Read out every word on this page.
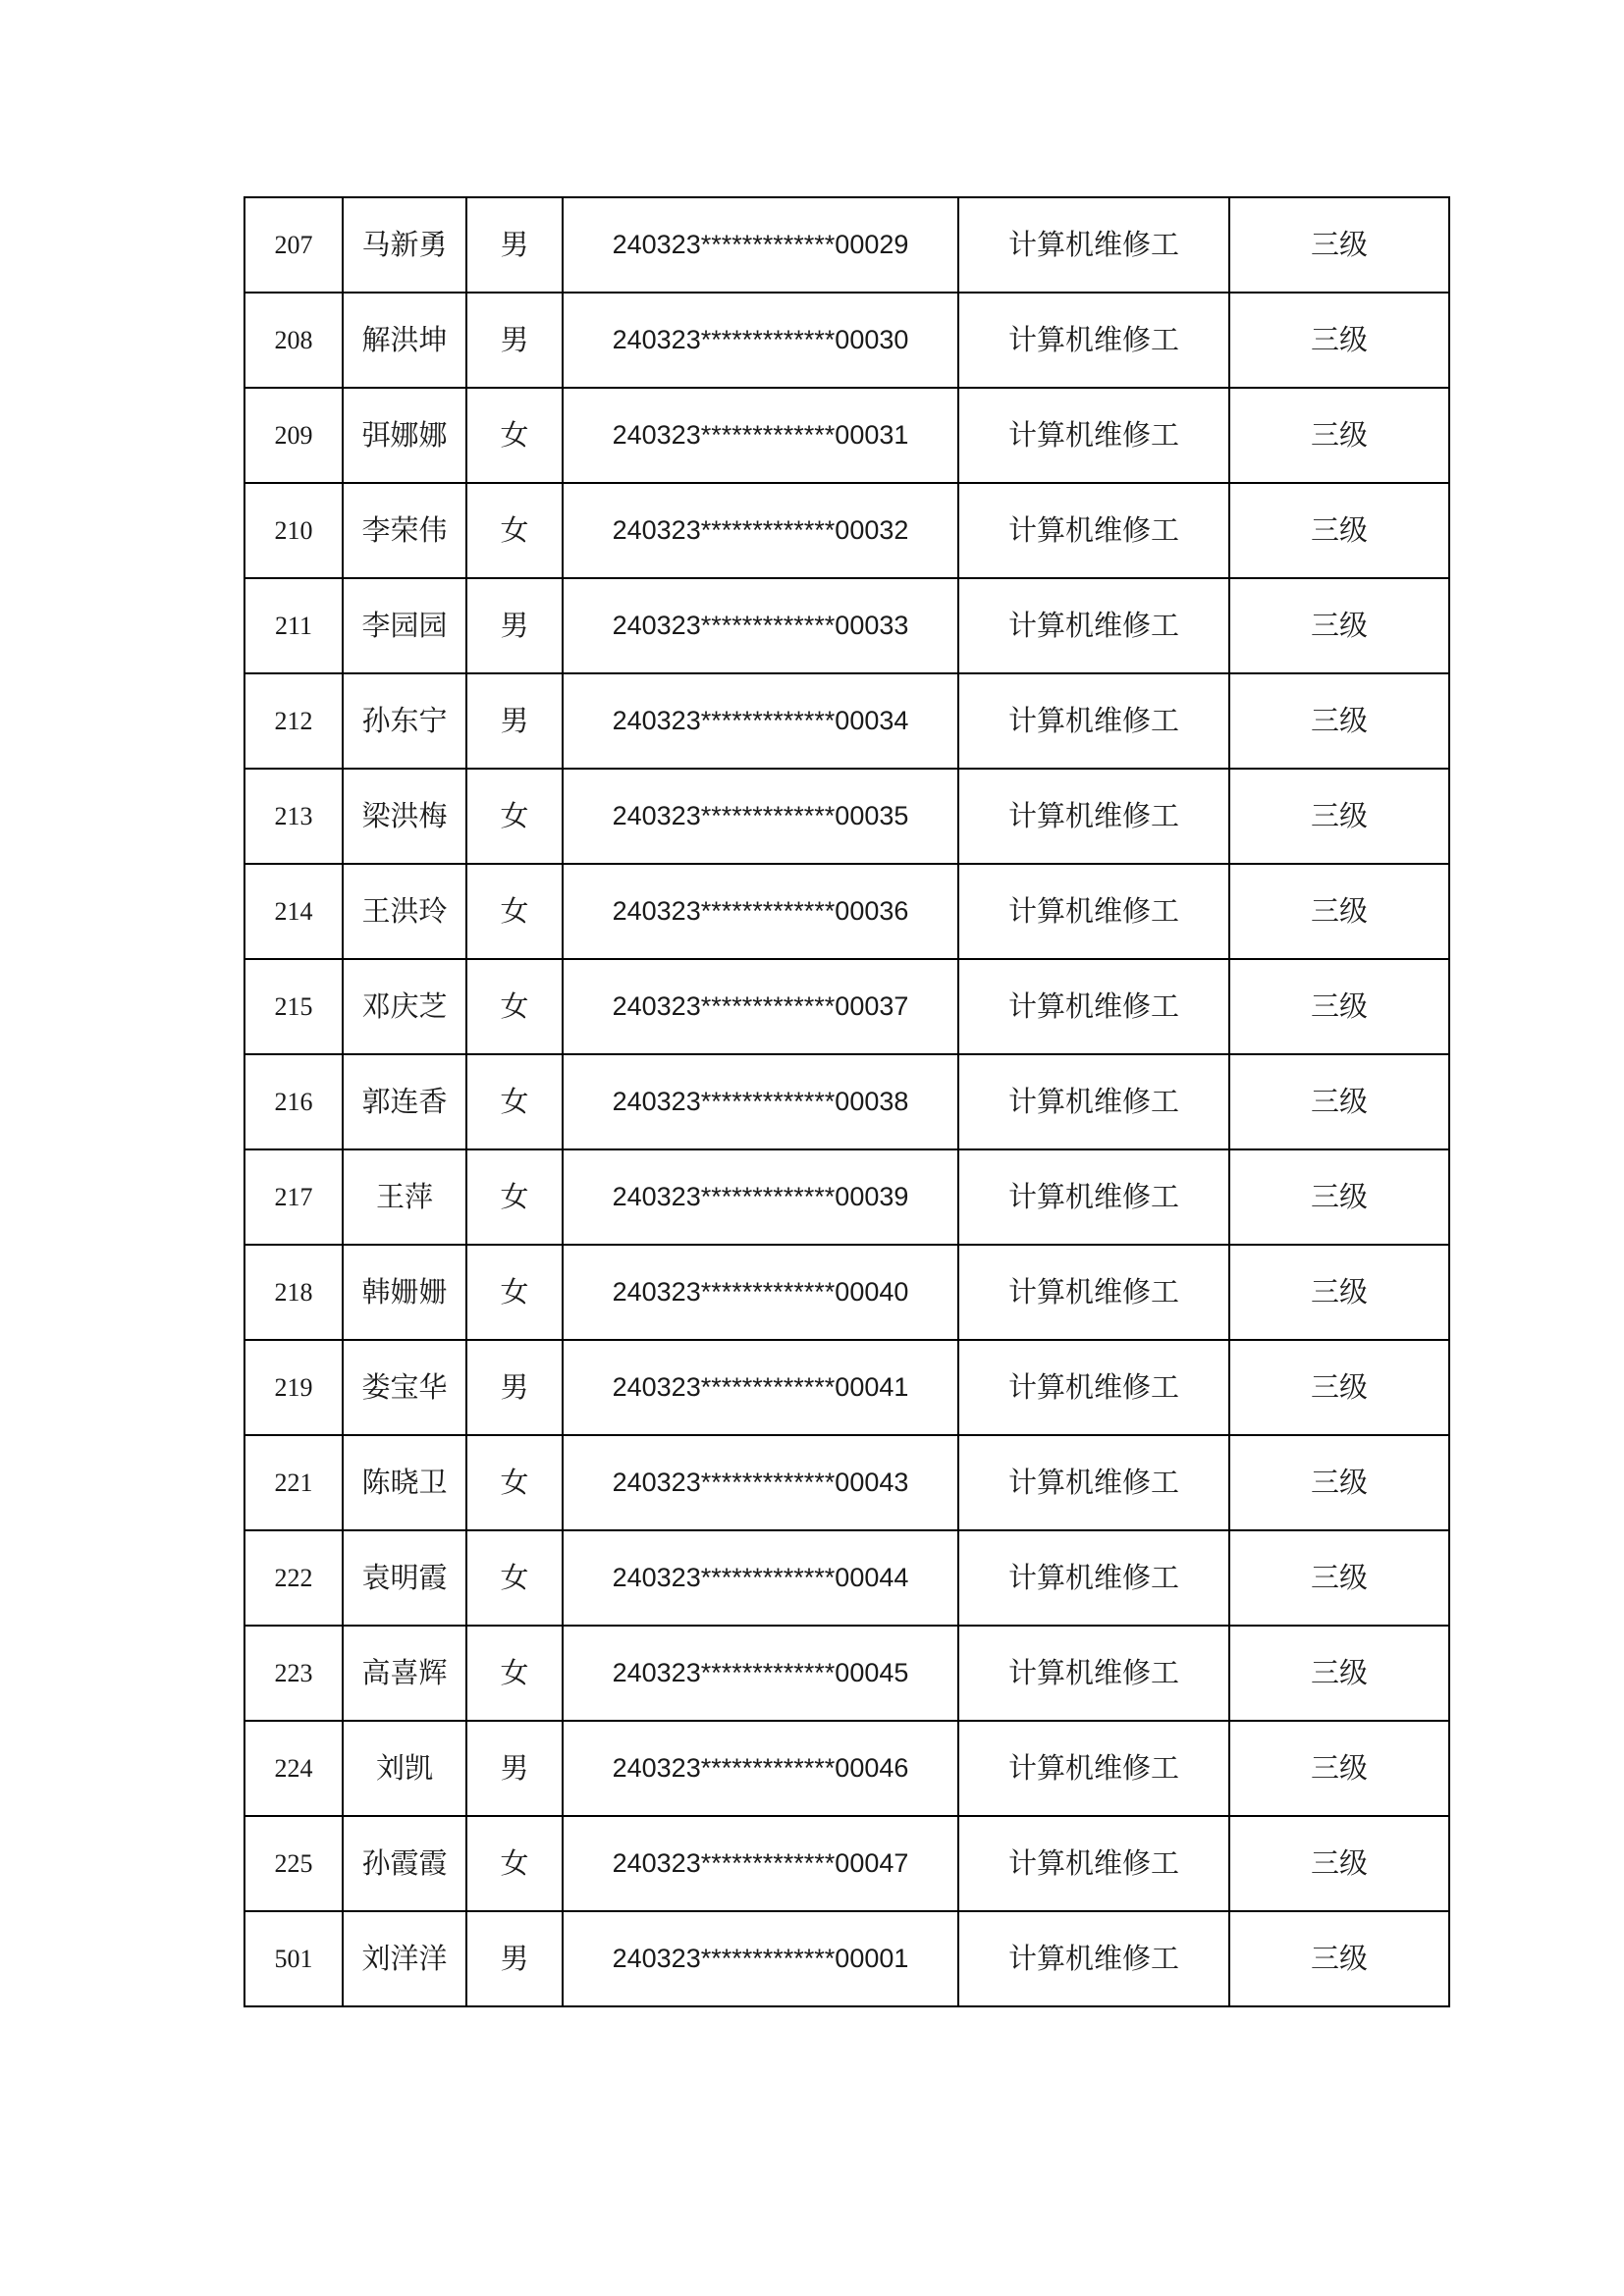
207	马新勇	男	240323*************00029	计算机维修工	三级
208	解洪坤	男	240323*************00030	计算机维修工	三级
209	弭娜娜	女	240323*************00031	计算机维修工	三级
210	李荣伟	女	240323*************00032	计算机维修工	三级
211	李园园	男	240323*************00033	计算机维修工	三级
212	孙东宁	男	240323*************00034	计算机维修工	三级
213	梁洪梅	女	240323*************00035	计算机维修工	三级
214	王洪玲	女	240323*************00036	计算机维修工	三级
215	邓庆芝	女	240323*************00037	计算机维修工	三级
216	郭连香	女	240323*************00038	计算机维修工	三级
217	王萍	女	240323*************00039	计算机维修工	三级
218	韩姗姗	女	240323*************00040	计算机维修工	三级
219	娄宝华	男	240323*************00041	计算机维修工	三级
221	陈晓卫	女	240323*************00043	计算机维修工	三级
222	袁明霞	女	240323*************00044	计算机维修工	三级
223	高喜辉	女	240323*************00045	计算机维修工	三级
224	刘凯	男	240323*************00046	计算机维修工	三级
225	孙霞霞	女	240323*************00047	计算机维修工	三级
501	刘洋洋	男	240323*************00001	计算机维修工	三级
